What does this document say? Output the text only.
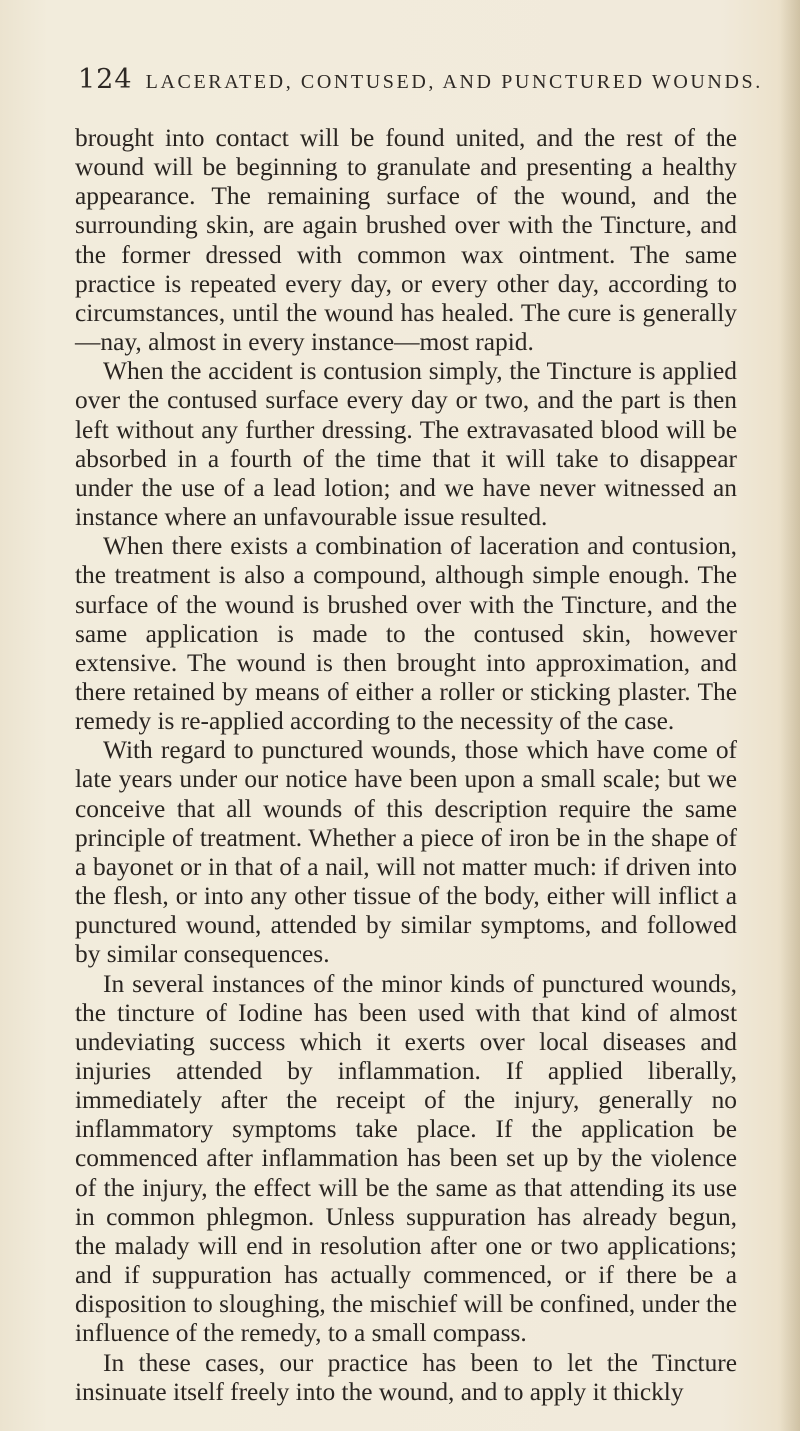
124 LACERATED, CONTUSED, AND PUNCTURED WOUNDS.

brought into contact will be found united, and the rest of the wound will be beginning to granulate and presenting a healthy appearance. The remaining surface of the wound, and the surrounding skin, are again brushed over with the Tincture, and the former dressed with common wax ointment. The same practice is repeated every day, or every other day, according to circumstances, until the wound has healed. The cure is generally—nay, almost in every instance—most rapid.

When the accident is contusion simply, the Tincture is applied over the contused surface every day or two, and the part is then left without any further dressing. The extravasated blood will be absorbed in a fourth of the time that it will take to disappear under the use of a lead lotion; and we have never witnessed an instance where an unfavourable issue resulted.

When there exists a combination of laceration and contusion, the treatment is also a compound, although simple enough. The surface of the wound is brushed over with the Tincture, and the same application is made to the contused skin, however extensive. The wound is then brought into approximation, and there retained by means of either a roller or sticking plaster. The remedy is re-applied according to the necessity of the case.

With regard to punctured wounds, those which have come of late years under our notice have been upon a small scale; but we conceive that all wounds of this description require the same principle of treatment. Whether a piece of iron be in the shape of a bayonet or in that of a nail, will not matter much: if driven into the flesh, or into any other tissue of the body, either will inflict a punctured wound, attended by similar symptoms, and followed by similar consequences.

In several instances of the minor kinds of punctured wounds, the tincture of Iodine has been used with that kind of almost undeviating success which it exerts over local diseases and injuries attended by inflammation. If applied liberally, immediately after the receipt of the injury, generally no inflammatory symptoms take place. If the application be commenced after inflammation has been set up by the violence of the injury, the effect will be the same as that attending its use in common phlegmon. Unless suppuration has already begun, the malady will end in resolution after one or two applications; and if suppuration has actually commenced, or if there be a disposition to sloughing, the mischief will be confined, under the influence of the remedy, to a small compass.

In these cases, our practice has been to let the Tincture insinuate itself freely into the wound, and to apply it thickly
